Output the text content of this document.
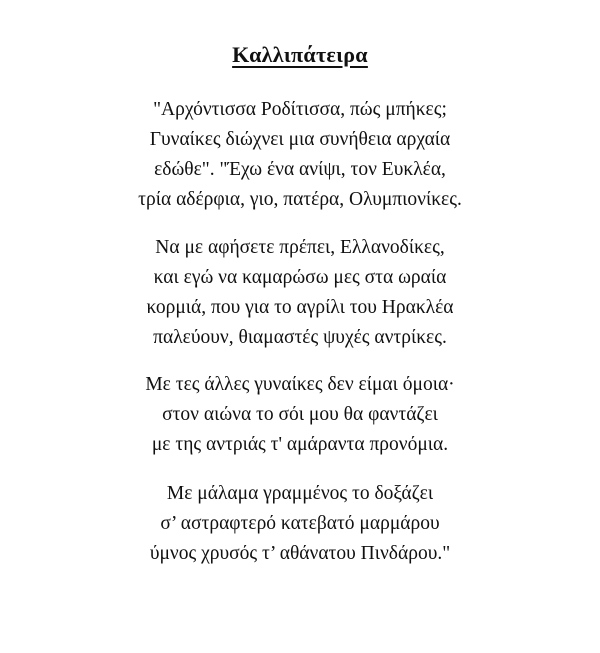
Καλλιπάτειρα
"Αρχόντισσα Ροδίτισσα, πώς μπήκες;
Γυναίκες διώχνει μια συνήθεια αρχαία
εδώθε". "Έχω ένα ανίψι, τον Ευκλέα,
τρία αδέρφια, γιο, πατέρα, Ολυμπιονίκες.
Να με αφήσετε πρέπει, Ελλανοδίκες,
και εγώ να καμαρώσω μες στα ωραία
κορμιά, που για το αγρίλι του Ηρακλέα
παλεύουν, θιαμαστές ψυχές αντρίκες.
Με τες άλλες γυναίκες δεν είμαι όμοια·
στον αιώνα το σόι μου θα φαντάζει
με της αντριάς τ' αμάραντα προνόμια.
Με μάλαμα γραμμένος το δοξάζει
σ’ αστραφτερό κατεβατό μαρμάρου
ύμνος χρυσός τ’ αθάνατου Πινδάρου."
